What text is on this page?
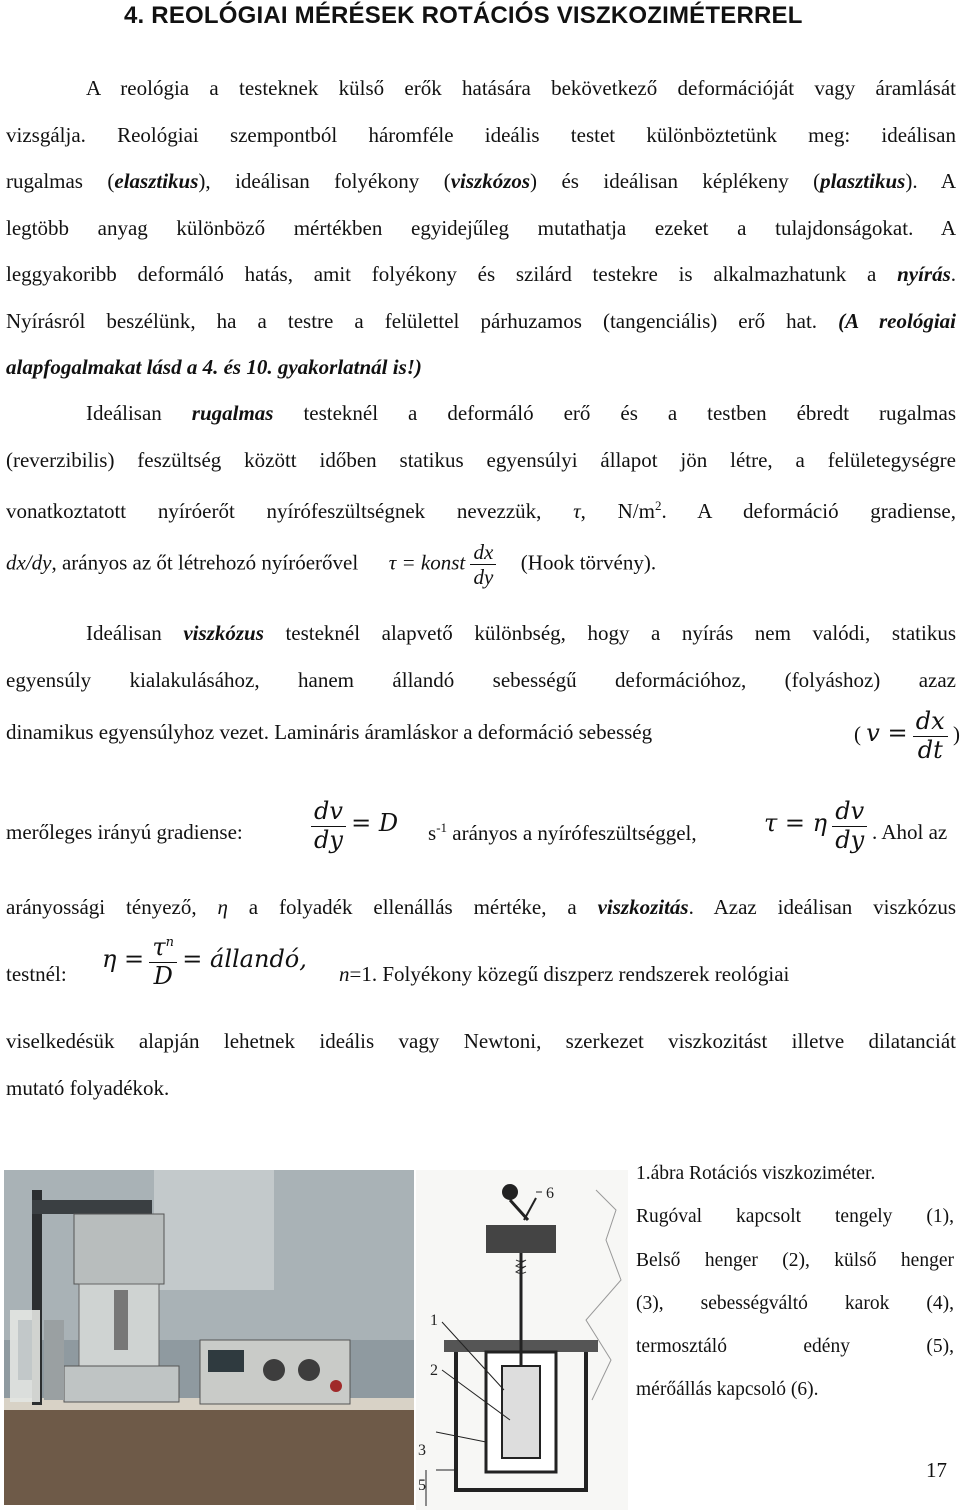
4. REOLÓGIAI MÉRÉSEK ROTÁCIÓS VISZKOZIMÉTERREL
A reológia a testeknek külső erők hatására bekövetkező deformációját vagy áramlását
vizsgálja. Reológiai szempontból háromféle ideális testet különböztetünk meg: ideálisan
rugalmas (elasztikus), ideálisan folyékony (viszkózos) és ideálisan képlékeny (plasztikus). A
legtöbb anyag különböző mértékben egyidejűleg mutathatja ezeket a tulajdonságokat. A
leggyakoribb deformáló hatás, amit folyékony és szilárd testekre is alkalmazhatunk a nyírás.
Nyírásról beszélünk, ha a testre a felülettel párhuzamos (tangenciális) erő hat. (A reológiai
alapfogalmakat lásd a 4. és 10. gyakorlatnál is!)
Ideálisan rugalmas testeknél a deformáló erő és a testben ébredt rugalmas
(reverzibilis) feszültség között időben statikus egyensúlyi állapot jön létre, a felületegységre
vonatkoztatott nyíróerőt nyírófeszültségnek nevezzük, τ, $N/m^2$. A deformáció gradiense,
dx/dy, arányos az őt létrehozó nyíróerővel τ = konst $\frac{dx}{dy}$ (Hook törvény).
Ideálisan viszkózus testeknél alapvető különbség, hogy a nyírás nem valódi, statikus
egyensúly kialakulásához, hanem állandó sebességű deformációhoz, (folyáshoz) azaz
dinamikus egyensúlyhoz vezet. Lamináris áramláskor a deformáció sebesség	( $v = \frac{dx}{dt}$ )
merőleges irányú gradiense:	$\frac{dv}{dy} = D$ $s^{-1}$ arányos a nyírófeszültséggel,	τ = η $\frac{dv}{dy}$ . Ahol az
arányossági tényező, η a folyadék ellenállás mértéke, a viszkozitás. Azaz ideálisan viszkózus
testnél:
$\eta = \frac{\tau^n}{D}$ = állandó,
n=1. Folyékony közegű diszperz rendszerek reológiai
viselkedésük alapján lehetnek ideális vagy Newtoni, szerkezet viszkozitást illetve dilatanciát
mutató folyadékok.
6
1
2
3
5
1.ábra Rotációs viszkoziméter.
Rugóval kapcsolt tengely (1),
Belső henger (2), külső henger
(3), sebességváltó karok (4),
termosztáló edény (5),
mérőállás kapcsoló (6).
17
